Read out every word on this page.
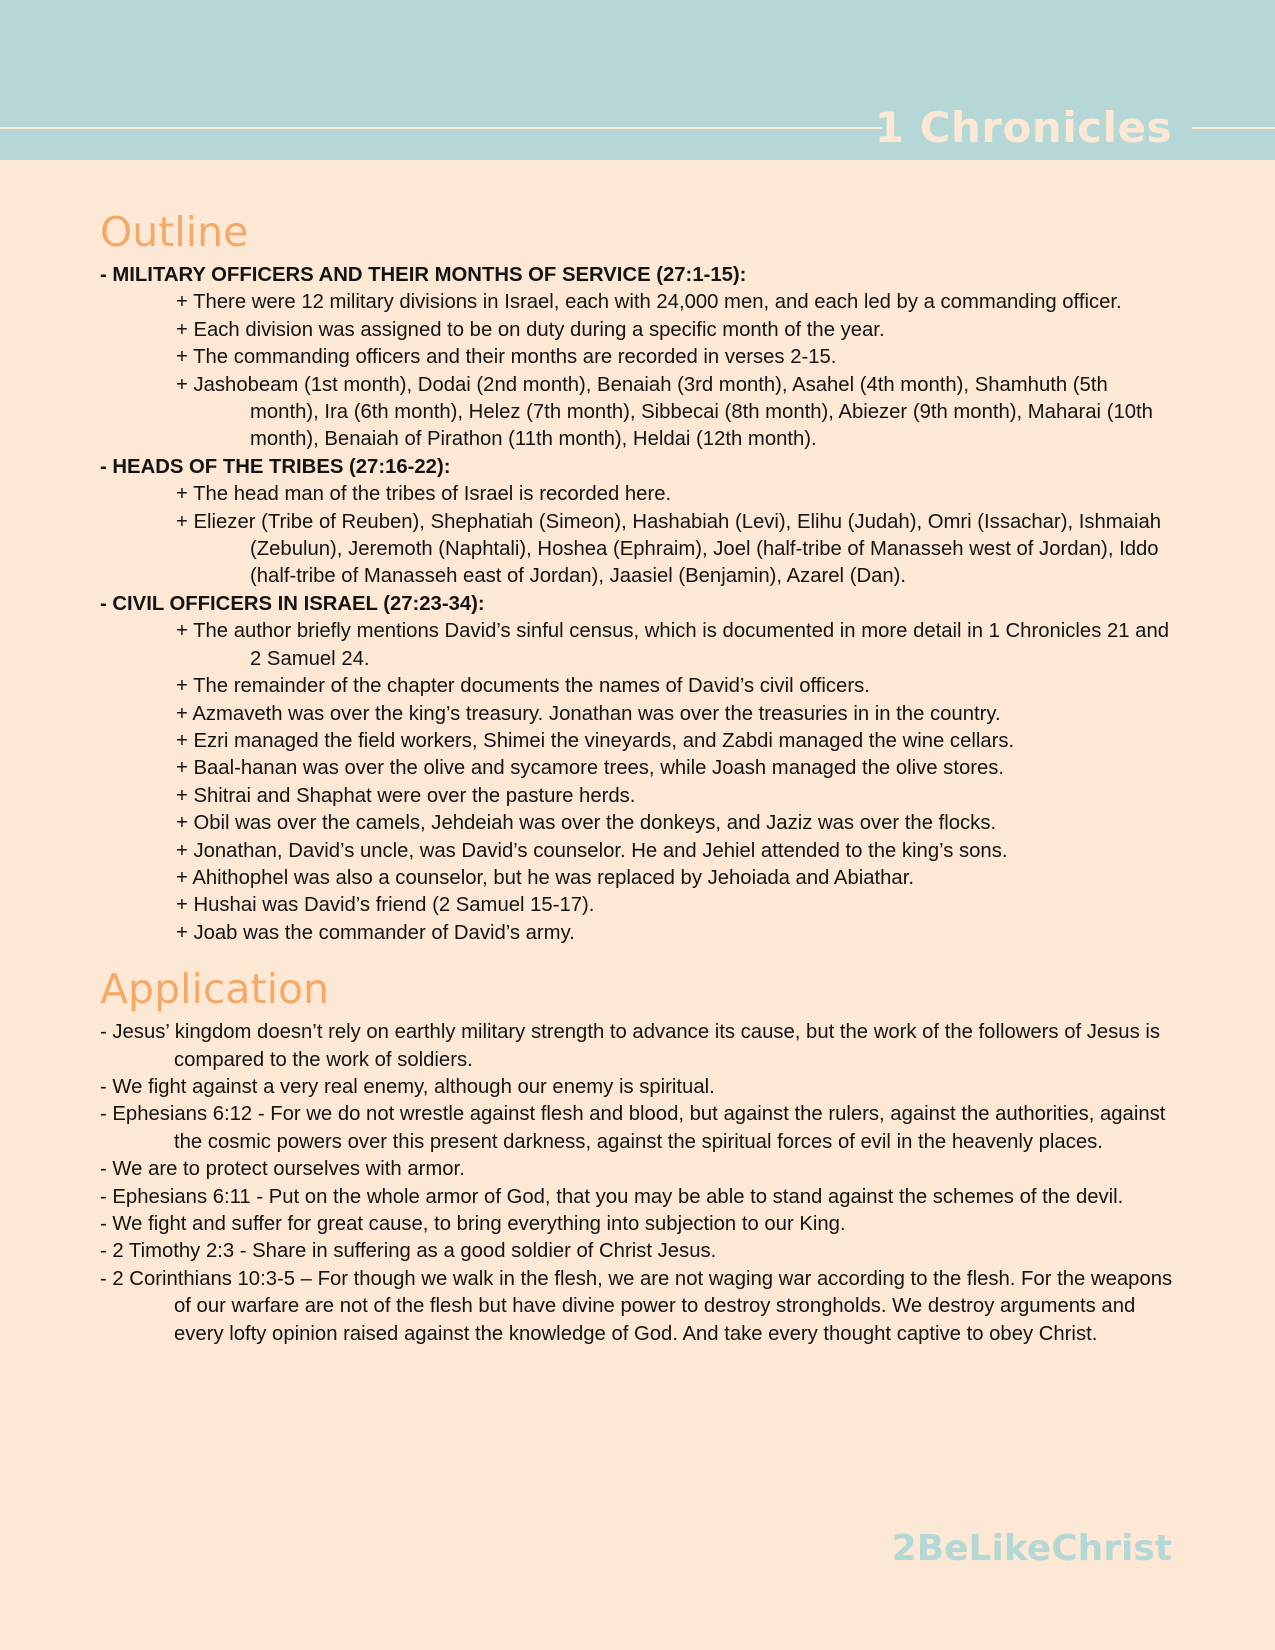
1 Chronicles
Outline
- MILITARY OFFICERS AND THEIR MONTHS OF SERVICE (27:1-15):
+ There were 12 military divisions in Israel, each with 24,000 men, and each led by a commanding officer.
+ Each division was assigned to be on duty during a specific month of the year.
+ The commanding officers and their months are recorded in verses 2-15.
+ Jashobeam (1st month), Dodai (2nd month), Benaiah (3rd month), Asahel (4th month), Shamhuth (5th month), Ira (6th month), Helez (7th month), Sibbecai (8th month), Abiezer (9th month), Maharai (10th month), Benaiah of Pirathon (11th month), Heldai (12th month).
- HEADS OF THE TRIBES (27:16-22):
+ The head man of the tribes of Israel is recorded here.
+ Eliezer (Tribe of Reuben), Shephatiah (Simeon), Hashabiah (Levi), Elihu (Judah), Omri (Issachar), Ishmaiah (Zebulun), Jeremoth (Naphtali), Hoshea (Ephraim), Joel (half-tribe of Manasseh west of Jordan), Iddo (half-tribe of Manasseh east of Jordan), Jaasiel (Benjamin), Azarel (Dan).
- CIVIL OFFICERS IN ISRAEL (27:23-34):
+ The author briefly mentions David’s sinful census, which is documented in more detail in 1 Chronicles 21 and 2 Samuel 24.
+ The remainder of the chapter documents the names of David’s civil officers.
+ Azmaveth was over the king’s treasury. Jonathan was over the treasuries in in the country.
+ Ezri managed the field workers, Shimei the vineyards, and Zabdi managed the wine cellars.
+ Baal-hanan was over the olive and sycamore trees, while Joash managed the olive stores.
+ Shitrai and Shaphat were over the pasture herds.
+ Obil was over the camels, Jehdeiah was over the donkeys, and Jaziz was over the flocks.
+ Jonathan, David’s uncle, was David’s counselor. He and Jehiel attended to the king’s sons.
+ Ahithophel was also a counselor, but he was replaced by Jehoiada and Abiathar.
+ Hushai was David’s friend (2 Samuel 15-17).
+ Joab was the commander of David’s army.
Application
- Jesus’ kingdom doesn’t rely on earthly military strength to advance its cause, but the work of the followers of Jesus is compared to the work of soldiers.
- We fight against a very real enemy, although our enemy is spiritual.
- Ephesians 6:12 - For we do not wrestle against flesh and blood, but against the rulers, against the authorities, against the cosmic powers over this present darkness, against the spiritual forces of evil in the heavenly places.
- We are to protect ourselves with armor.
- Ephesians 6:11 - Put on the whole armor of God, that you may be able to stand against the schemes of the devil.
- We fight and suffer for great cause, to bring everything into subjection to our King.
- 2 Timothy 2:3 - Share in suffering as a good soldier of Christ Jesus.
- 2 Corinthians 10:3-5 – For though we walk in the flesh, we are not waging war according to the flesh. For the weapons of our warfare are not of the flesh but have divine power to destroy strongholds. We destroy arguments and every lofty opinion raised against the knowledge of God. And take every thought captive to obey Christ.
2BeLikeChrist
